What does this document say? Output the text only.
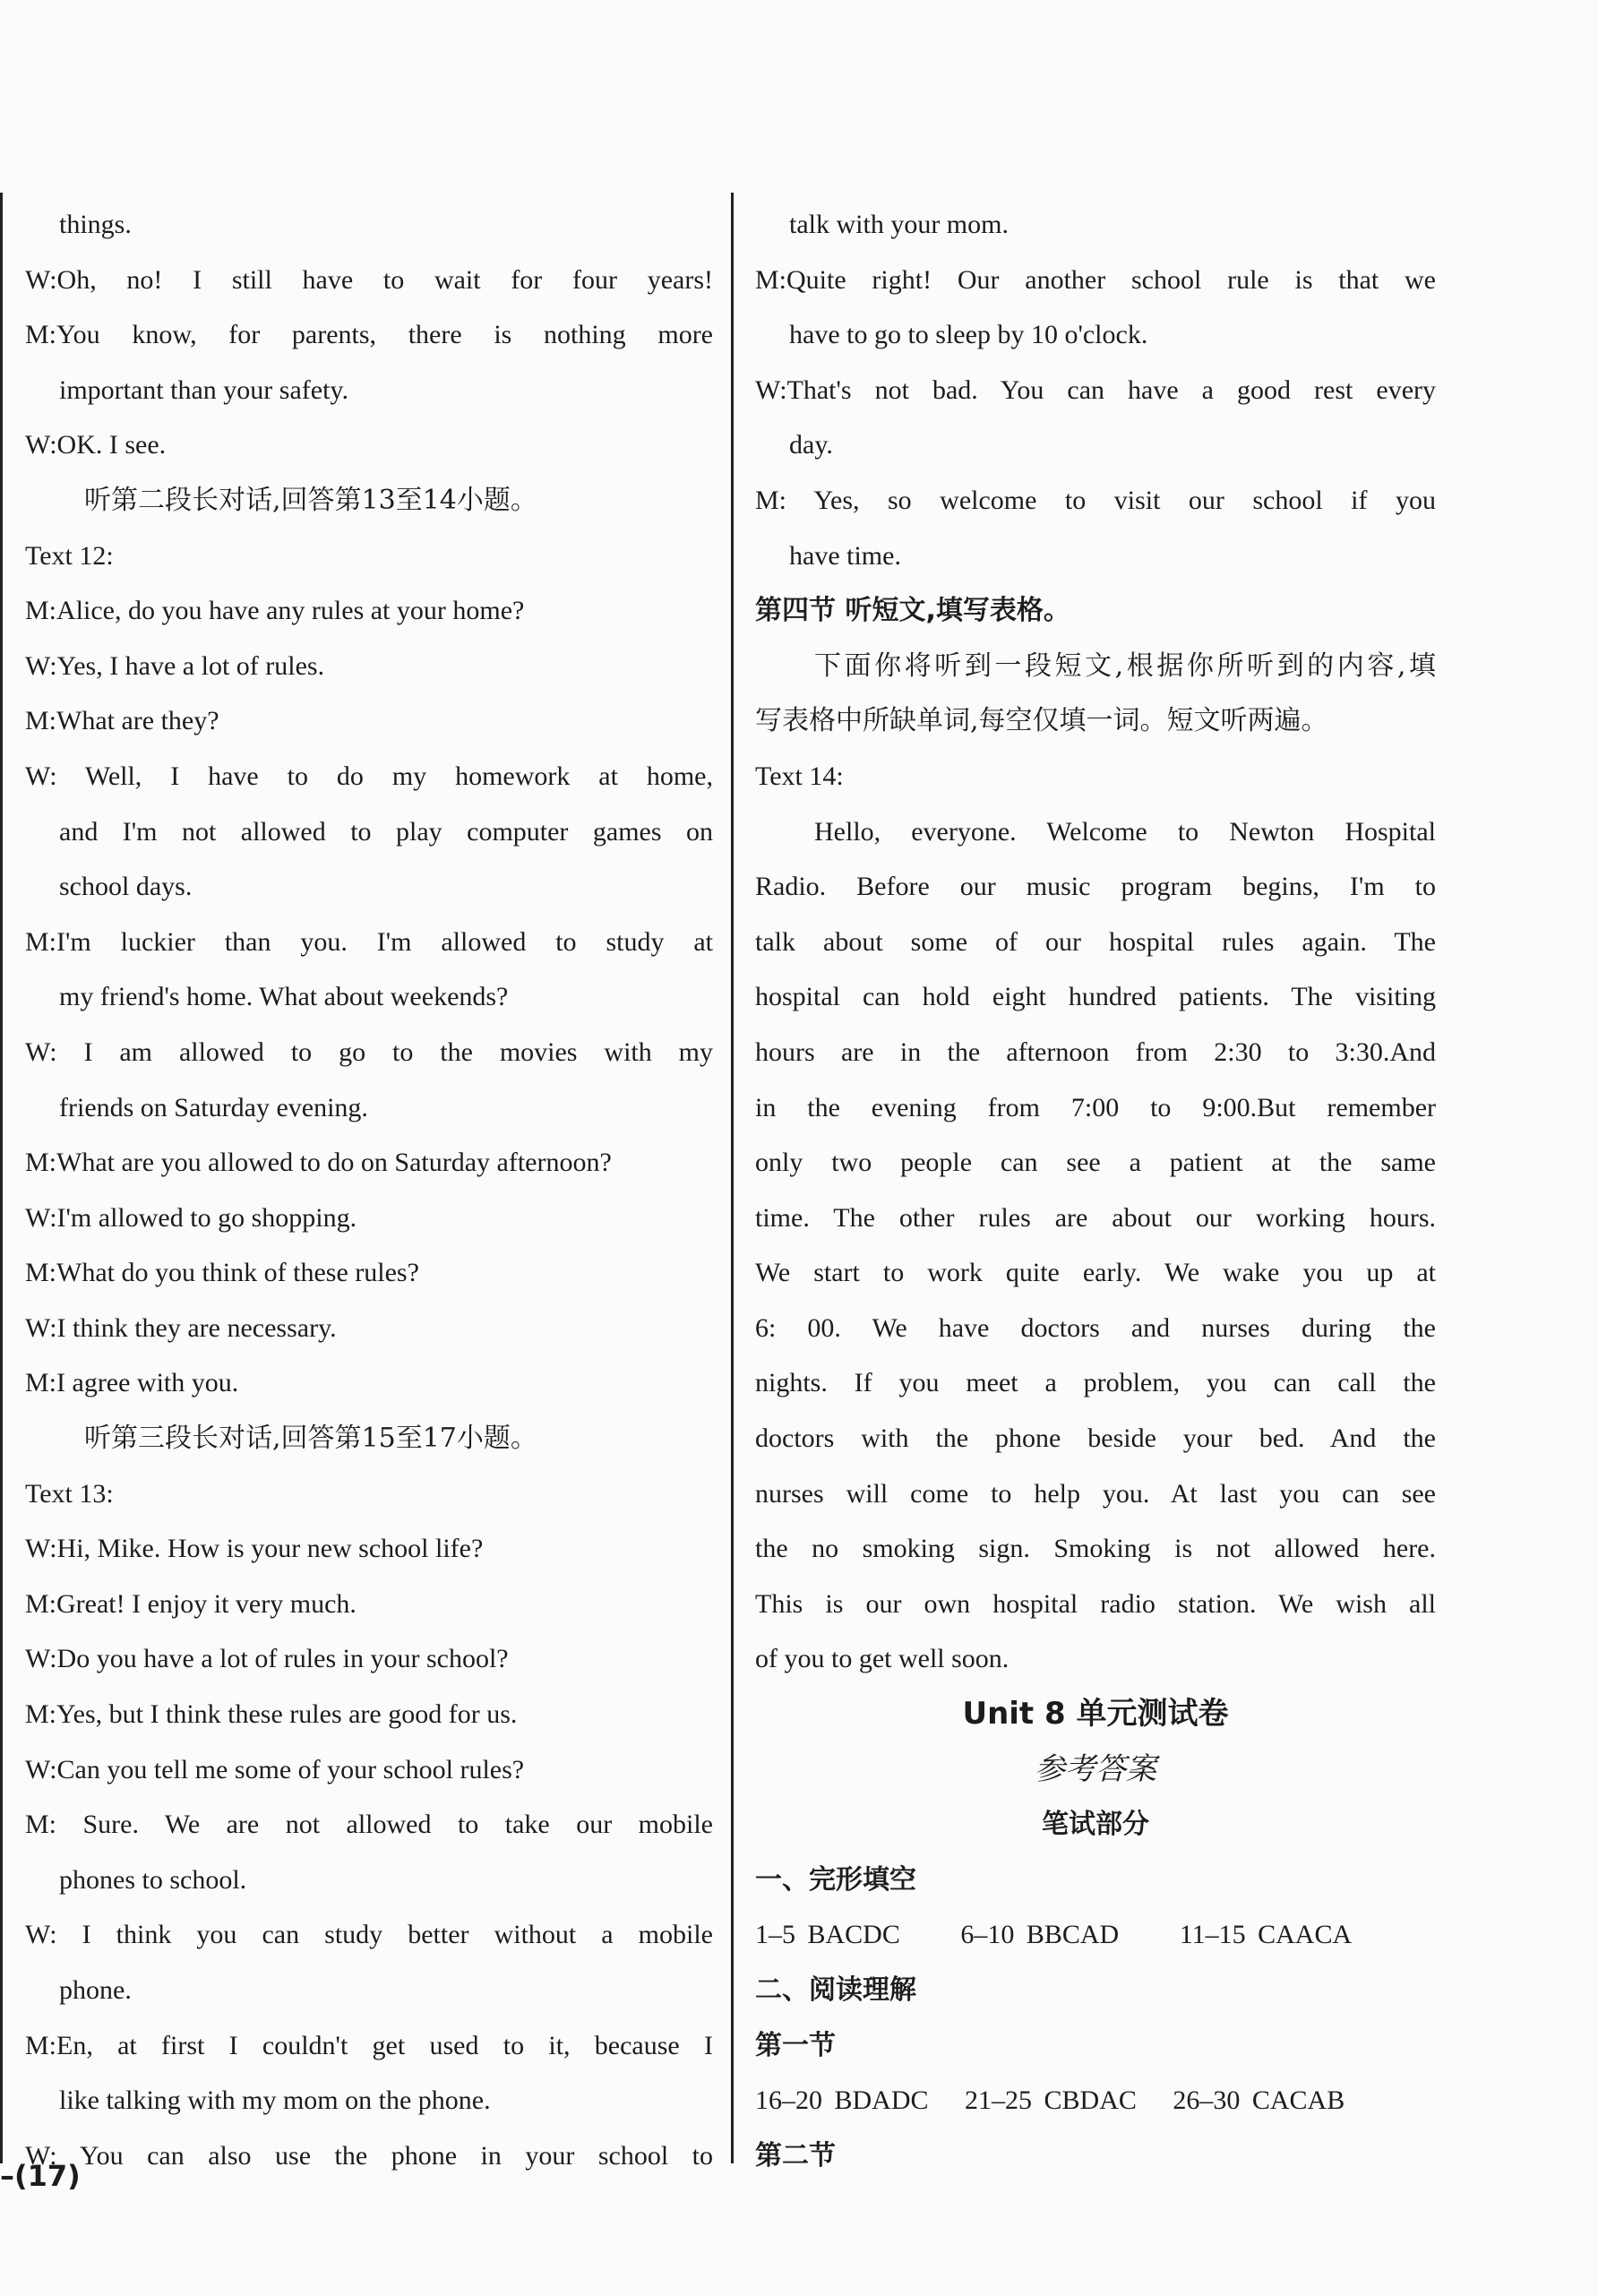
things.
W:Oh, no! I still have to wait for four years!
M:You know, for parents, there is nothing more
important than your safety.
W:OK. I see.
听第二段长对话,回答第13至14小题。
Text 12:
M:Alice, do you have any rules at your home?
W:Yes, I have a lot of rules.
M:What are they?
W: Well, I have to do my homework at home,
and I'm not allowed to play computer games on
school days.
M:I'm luckier than you. I'm allowed to study at
my friend's home. What about weekends?
W: I am allowed to go to the movies with my
friends on Saturday evening.
M:What are you allowed to do on Saturday afternoon?
W:I'm allowed to go shopping.
M:What do you think of these rules?
W:I think they are necessary.
M:I agree with you.
听第三段长对话,回答第15至17小题。
Text 13:
W:Hi, Mike. How is your new school life?
M:Great! I enjoy it very much.
W:Do you have a lot of rules in your school?
M:Yes, but I think these rules are good for us.
W:Can you tell me some of your school rules?
M: Sure. We are not allowed to take our mobile
phones to school.
W: I think you can study better without a mobile
phone.
M:En, at first I couldn't get used to it, because I
like talking with my mom on the phone.
W: You can also use the phone in your school to
talk with your mom.
M:Quite right! Our another school rule is that we
have to go to sleep by 10 o'clock.
W:That's not bad. You can have a good rest every
day.
M: Yes, so welcome to visit our school if you
have time.
第四节 听短文,填写表格。
下面你将听到一段短文,根据你所听到的内容,填
写表格中所缺单词,每空仅填一词。短文听两遍。
Text 14:
Hello, everyone. Welcome to Newton Hospital
Radio. Before our music program begins, I'm to
talk about some of our hospital rules again. The
hospital can hold eight hundred patients. The visiting
hours are in the afternoon from 2:30 to 3:30.And
in the evening from 7:00 to 9:00.But remember
only two people can see a patient at the same
time. The other rules are about our working hours.
We start to work quite early. We wake you up at
6: 00. We have doctors and nurses during the
nights. If you meet a problem, you can call the
doctors with the phone beside your bed. And the
nurses will come to help you. At last you can see
the no smoking sign. Smoking is not allowed here.
This is our own hospital radio station. We wish all
of you to get well soon.
Unit 8 单元测试卷
参考答案
笔试部分
一、完形填空
1–5 BACDC 6–10 BBCAD 11–15 CAACA
二、阅读理解
第一节
16–20 BDADC 21–25 CBDAC 26–30 CACAB
第二节
–(17)
